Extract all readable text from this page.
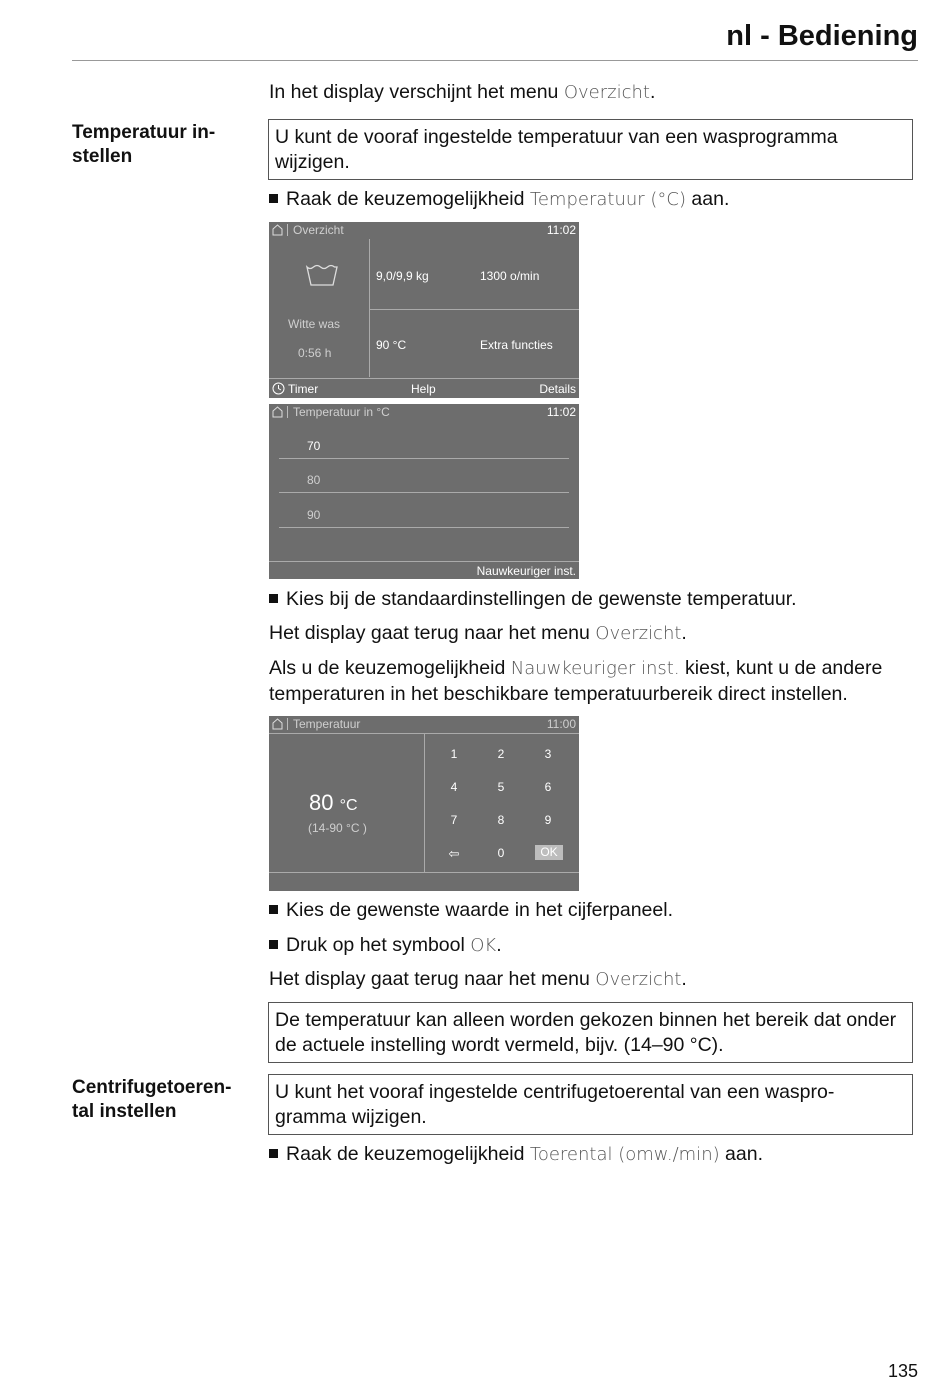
nl - Bediening
In het display verschijnt het menu Overzicht.
Temperatuur in-
stellen
U kunt de vooraf ingestelde temperatuur van een wasprogramma wijzigen.
Raak de keuzemogelijkheid Temperatuur (°C) aan.
Overzicht	11:02
Witte was
0:56 h
9,0/9,9 kg	1300 o/min
90 °C	Extra functies
Timer	Help	Details
Temperatuur in °C	11:02
70
80
90
Nauwkeuriger inst.
Kies bij de standaardinstellingen de gewenste temperatuur.
Het display gaat terug naar het menu Overzicht.
Als u de keuzemogelijkheid Nauwkeuriger inst. kiest, kunt u de andere temperaturen in het beschikbare temperatuurbereik direct instellen.
Temperatuur	11:00
80 °C
(14-90 °C )
1	2	3
4	5	6
7	8	9
⇦	0	OK
Kies de gewenste waarde in het cijferpaneel.
Druk op het symbool OK.
Het display gaat terug naar het menu Overzicht.
De temperatuur kan alleen worden gekozen binnen het bereik dat onder de actuele instelling wordt vermeld, bijv. (14–90 °C).
Centrifugetoeren-
tal instellen
U kunt het vooraf ingestelde centrifugetoerental van een waspro-gramma wijzigen.
Raak de keuzemogelijkheid Toerental (omw./min) aan.
135
